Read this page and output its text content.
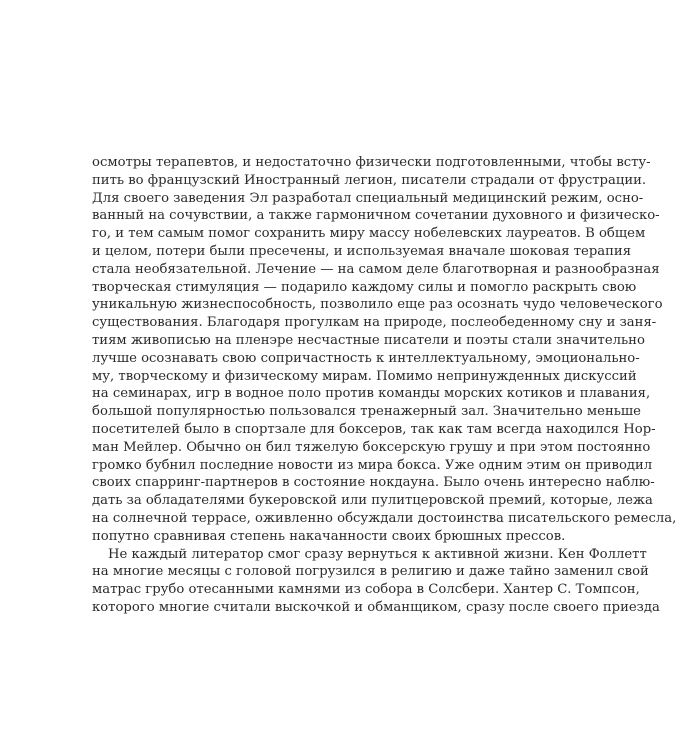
осмотры терапевтов, и недостаточно физически подготовленными, чтобы всту-
пить во французский Иностранный легион, писатели страдали от фрустрации.
Для своего заведения Эл разработал специальный медицинский режим, осно-
ванный на сочувствии, а также гармоничном сочетании духовного и физическо-
го, и тем самым помог сохранить миру массу нобелевских лауреатов. В общем
и целом, потери были пресечены, и используемая вначале шоковая терапия
стала необязательной. Лечение — на самом деле благотворная и разнообразная
творческая стимуляция — подарило каждому силы и помогло раскрыть свою
уникальную жизнеспособность, позволило еще раз осознать чудо человеческого
существования. Благодаря прогулкам на природе, послеобеденному сну и заня-
тиям живописью на пленэре несчастные писатели и поэты стали значительно
лучше осознавать свою сопричастность к интеллектуальному, эмоционально-
му, творческому и физическому мирам. Помимо непринужденных дискуссий
на семинарах, игр в водное поло против команды морских котиков и плавания,
большой популярностью пользовался тренажерный зал. Значительно меньше
посетителей было в спортзале для боксеров, так как там всегда находился Нор-
ман Мейлер. Обычно он бил тяжелую боксерскую грушу и при этом постоянно
громко бубнил последние новости из мира бокса. Уже одним этим он приводил
своих спарринг-партнеров в состояние нокдауна. Было очень интересно наблю-
дать за обладателями букеровской или пулитцеровской премий, которые, лежа
на солнечной террасе, оживленно обсуждали достоинства писательского ремесла,
попутно сравнивая степень накачанности своих брюшных прессов.
Не каждый литератор смог сразу вернуться к активной жизни. Кен Фоллетт
на многие месяцы с головой погрузился в религию и даже тайно заменил свой
матрас грубо отесанными камнями из собора в Солсбери. Хантер С. Томпсон,
которого многие считали выскочкой и обманщиком, сразу после своего приезда
